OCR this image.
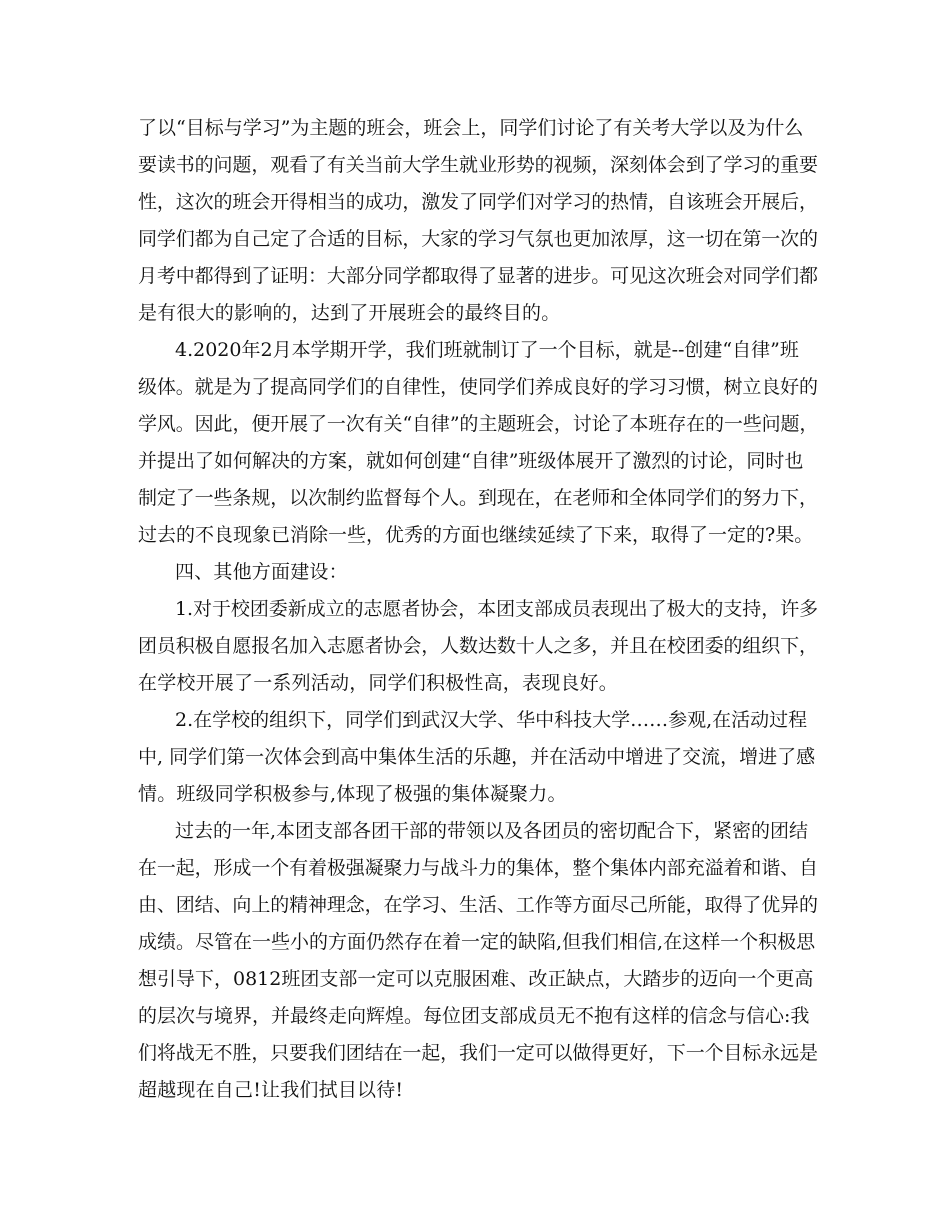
了以“目标与学习”为主题的班会，班会上，同学们讨论了有关考大学以及为什么
要读书的问题，观看了有关当前大学生就业形势的视频，深刻体会到了学习的重要
性，这次的班会开得相当的成功，激发了同学们对学习的热情，自该班会开展后，
同学们都为自己定了合适的目标，大家的学习气氛也更加浓厚，这一切在第一次的
月考中都得到了证明：大部分同学都取得了显著的进步。可见这次班会对同学们都
是有很大的影响的，达到了开展班会的最终目的。
4.2020年2月本学期开学，我们班就制订了一个目标，就是--创建“自律”班
级体。就是为了提高同学们的自律性，使同学们养成良好的学习习惯，树立良好的
学风。因此，便开展了一次有关“自律”的主题班会，讨论了本班存在的一些问题，
并提出了如何解决的方案，就如何创建“自律”班级体展开了激烈的讨论，同时也
制定了一些条规，以次制约监督每个人。到现在，在老师和全体同学们的努力下，
过去的不良现象已消除一些，优秀的方面也继续延续了下来，取得了一定的?果。
四、其他方面建设：
1.对于校团委新成立的志愿者协会，本团支部成员表现出了极大的支持，许多
团员积极自愿报名加入志愿者协会，人数达数十人之多，并且在校团委的组织下，
在学校开展了一系列活动，同学们积极性高，表现良好。
2.在学校的组织下，同学们到武汉大学、华中科技大学……参观,在活动过程
中, 同学们第一次体会到高中集体生活的乐趣，并在活动中增进了交流，增进了感
情。班级同学积极参与,体现了极强的集体凝聚力。
过去的一年,本团支部各团干部的带领以及各团员的密切配合下，紧密的团结
在一起，形成一个有着极强凝聚力与战斗力的集体，整个集体内部充溢着和谐、自
由、团结、向上的精神理念，在学习、生活、工作等方面尽己所能，取得了优异的
成绩。尽管在一些小的方面仍然存在着一定的缺陷,但我们相信,在这样一个积极思
想引导下，0812班团支部一定可以克服困难、改正缺点，大踏步的迈向一个更高
的层次与境界，并最终走向辉煌。每位团支部成员无不抱有这样的信念与信心:我
们将战无不胜，只要我们团结在一起，我们一定可以做得更好，下一个目标永远是
超越现在自己!让我们拭目以待!
